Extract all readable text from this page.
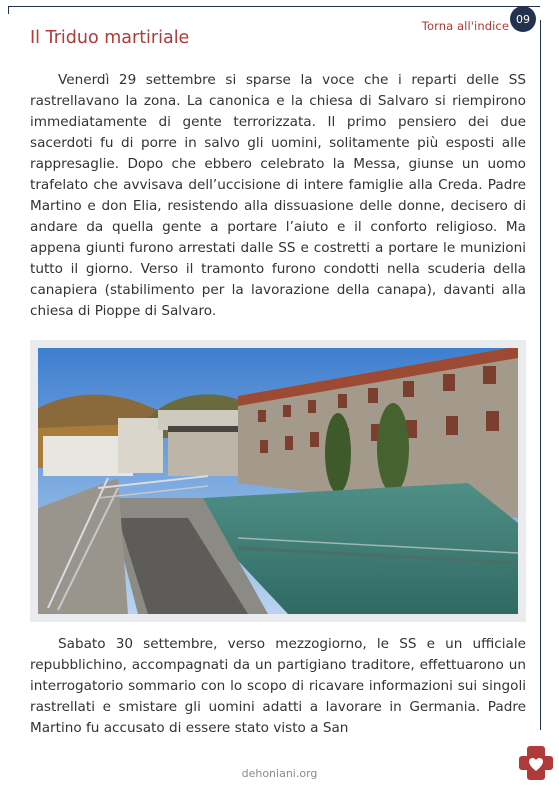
Torna all'indice 09
Il Triduo martiriale

Venerdì 29 settembre si sparse la voce che i reparti delle SS rastrellavano la zona. La canonica e la chiesa di Salvaro si riempirono immediatamente di gente terrorizzata. Il primo pensiero dei due sacerdoti fu di porre in salvo gli uomini, solitamente più esposti alle rappresaglie. Dopo che ebbero celebrato la Messa, giunse un uomo trafelato che avvisava dell’uccisione di intere famiglie alla Creda. Padre Martino e don Elia, resistendo alla dissuasione delle donne, decisero di andare da quella gente a portare l’aiuto e il conforto religioso. Ma appena giunti furono arrestati dalle SS e costretti a portare le munizioni tutto il giorno. Verso il tramonto furono condotti nella scuderia della canapiera (stabilimento per la lavorazione della canapa), davanti alla chiesa di Pioppe di Salvaro.

Sabato 30 settembre, verso mezzogiorno, le SS e un ufficiale repubblichino, accompagnati da un partigiano traditore, effettuarono un interrogatorio sommario con lo scopo di ricavare informazioni sui singoli rastrellati e smistare gli uomini adatti a lavorare in Germania. Padre Martino fu accusato di essere stato visto a San

dehoniani.org
